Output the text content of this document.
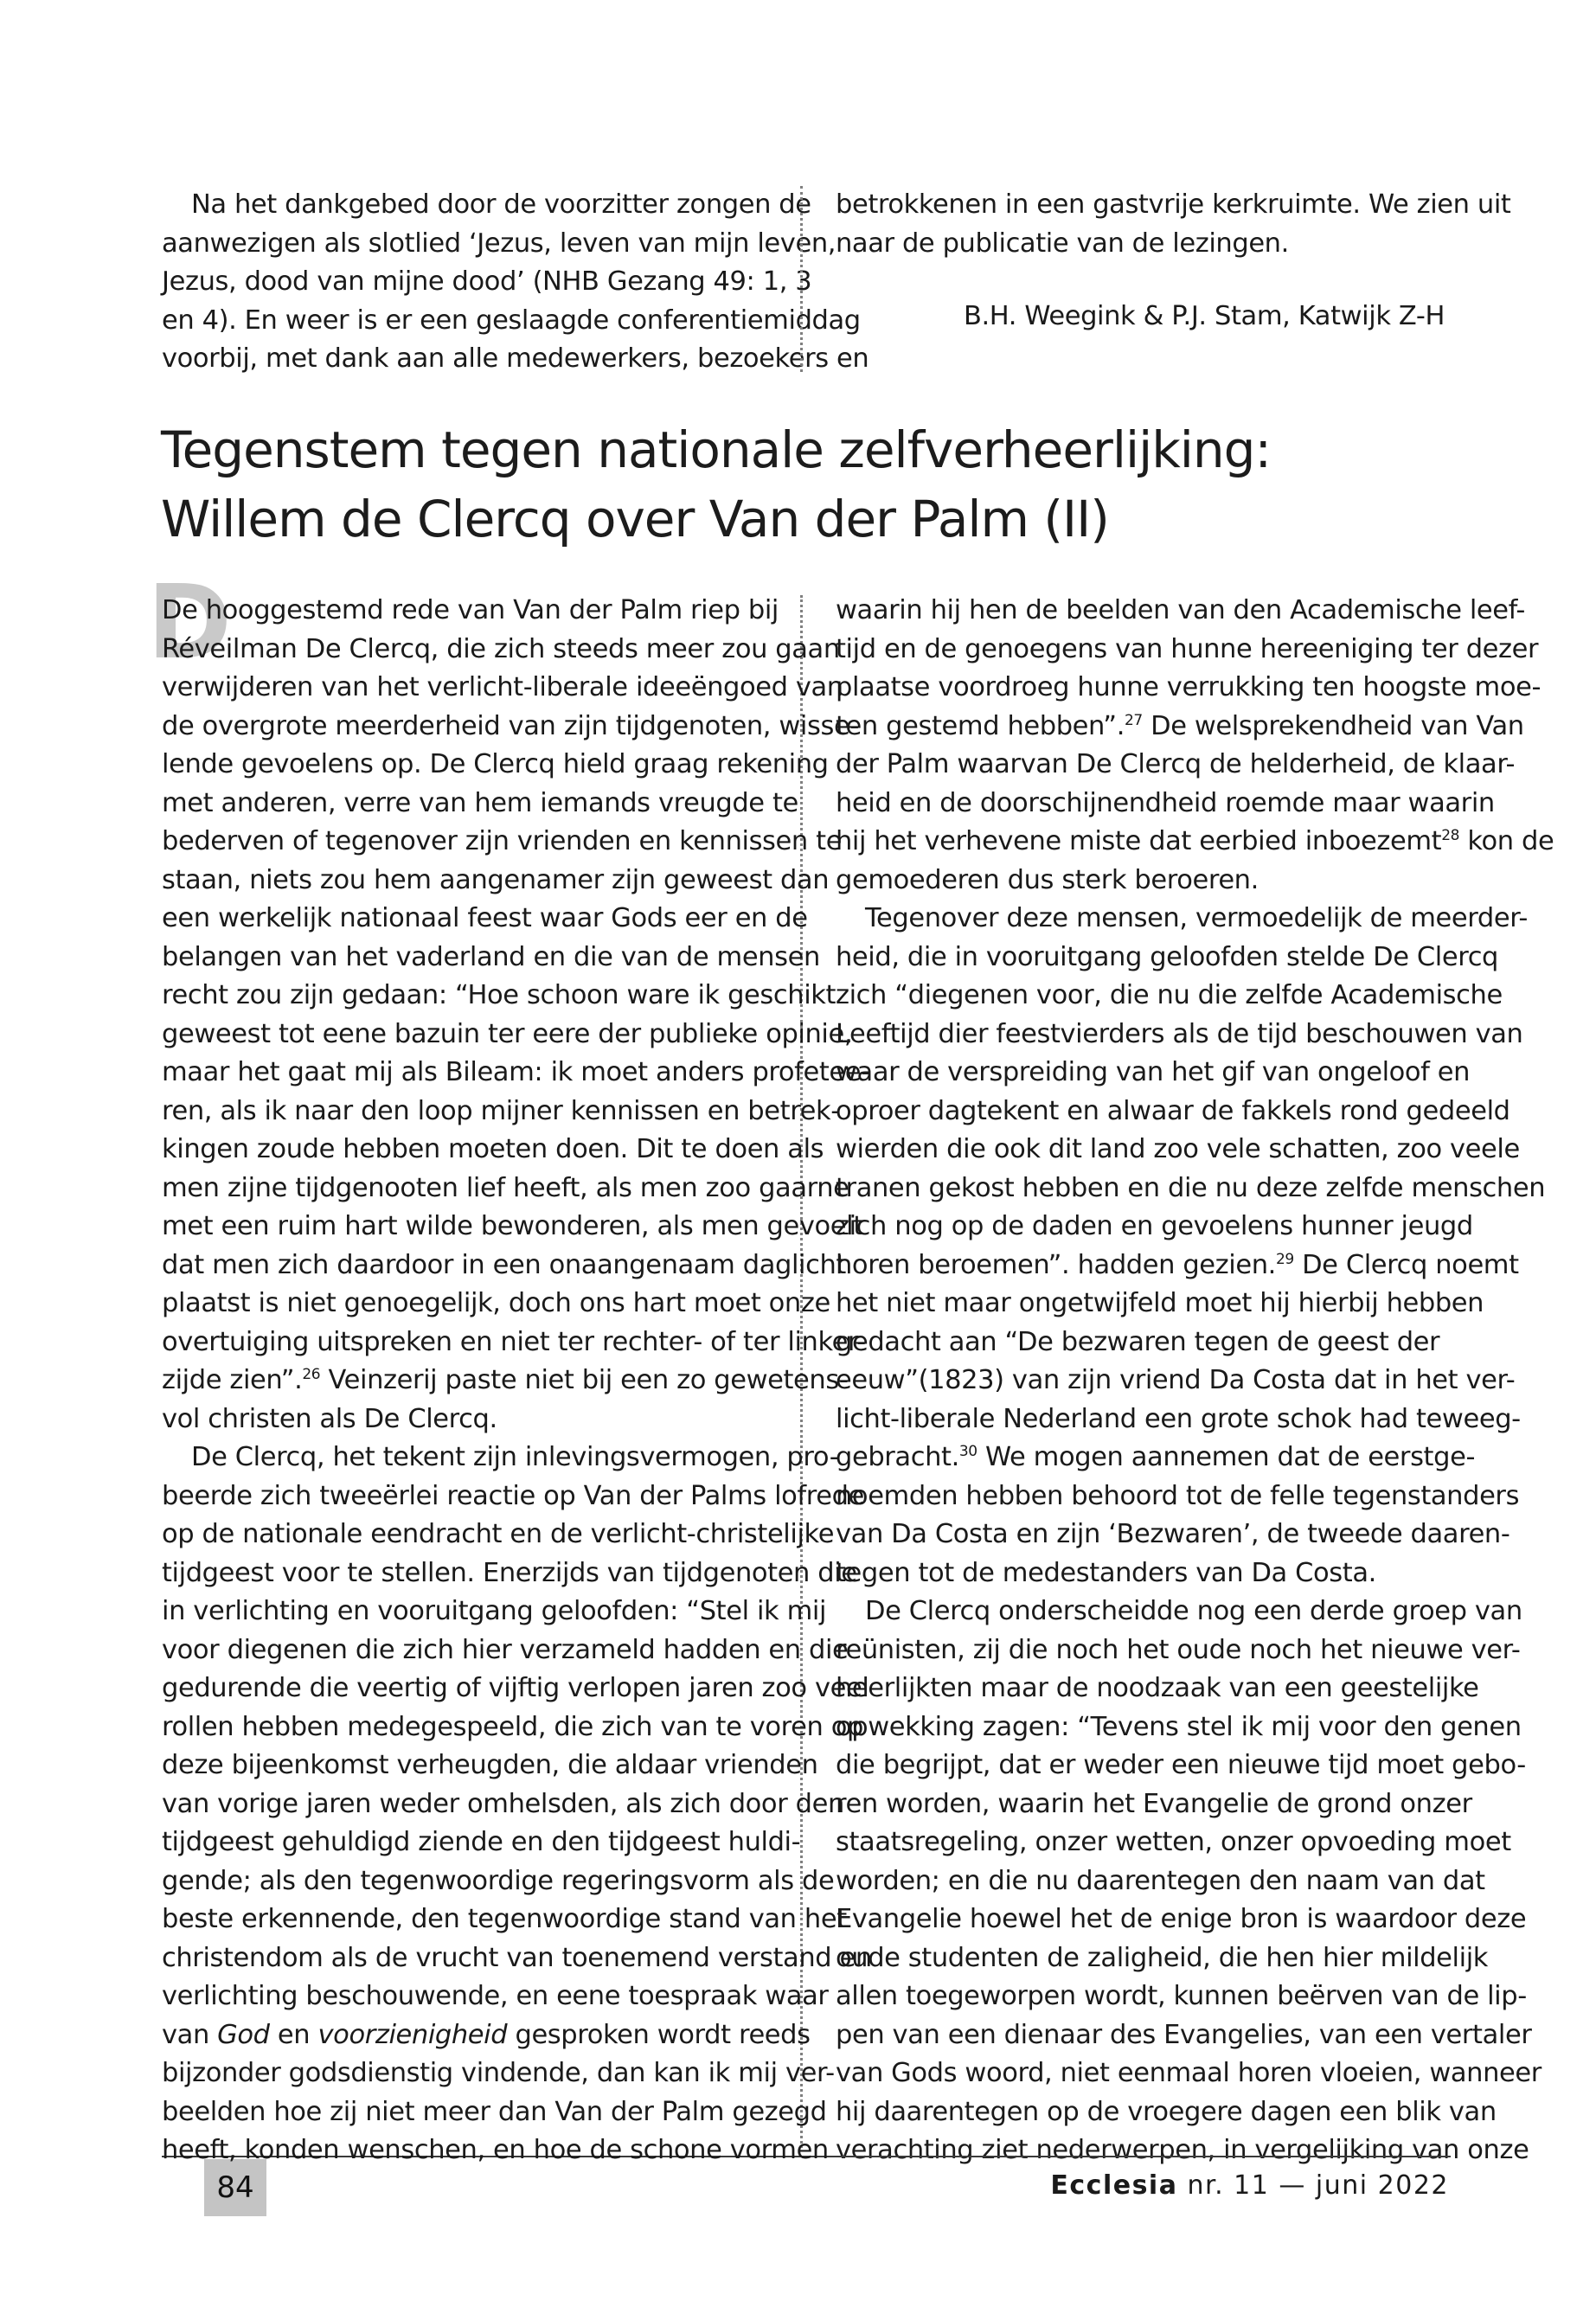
Na het dankgebed door de voorzitter zongen de
aanwezigen als slotlied ‘Jezus, leven van mijn leven,
Jezus, dood van mijne dood’ (NHB Gezang 49: 1, 3
en 4). En weer is er een geslaagde conferentiemiddag
voorbij, met dank aan alle medewerkers, bezoekers en
betrokkenen in een gastvrije kerkruimte. We zien uit
naar de publicatie van de lezingen.
B.H. Weegink & P.J. Stam, Katwijk Z-H
Tegenstem tegen nationale zelfverheerlijking:
Willem de Clercq over Van der Palm (II)
D
De hooggestemd rede van Van der Palm riep bij
Réveilman De Clercq, die zich steeds meer zou gaan
verwijderen van het verlicht-liberale ideeëngoed van
de overgrote meerderheid van zijn tijdgenoten, wisse-
lende gevoelens op. De Clercq hield graag rekening
met anderen, verre van hem iemands vreugde te
bederven of tegenover zijn vrienden en kennissen te
staan, niets zou hem aangenamer zijn geweest dan
een werkelijk nationaal feest waar Gods eer en de
belangen van het vaderland en die van de mensen
recht zou zijn gedaan: “Hoe schoon ware ik geschikt
geweest tot eene bazuin ter eere der publieke opinie,
maar het gaat mij als Bileam: ik moet anders profetee-
ren, als ik naar den loop mijner kennissen en betrek-
kingen zoude hebben moeten doen. Dit te doen als
men zijne tijdgenooten lief heeft, als men zoo gaarne
met een ruim hart wilde bewonderen, als men gevoelt
dat men zich daardoor in een onaangenaam daglicht
plaatst is niet genoegelijk, doch ons hart moet onze
overtuiging uitspreken en niet ter rechter- of ter linker-
zijde zien”.$^{26}$ Veinzerij paste niet bij een zo gewetens-
vol christen als De Clercq.
De Clercq, het tekent zijn inlevingsvermogen, pro-
beerde zich tweeërlei reactie op Van der Palms lofrede
op de nationale eendracht en de verlicht-christelijke
tijdgeest voor te stellen. Enerzijds van tijdgenoten die
in verlichting en vooruitgang geloofden: “Stel ik mij
voor diegenen die zich hier verzameld hadden en die
gedurende die veertig of vijftig verlopen jaren zoo veel
rollen hebben medegespeeld, die zich van te voren op
deze bijeenkomst verheugden, die aldaar vrienden
van vorige jaren weder omhelsden, als zich door den
tijdgeest gehuldigd ziende en den tijdgeest huldi-
gende; als den tegenwoordige regeringsvorm als de
beste erkennende, den tegenwoordige stand van het
christendom als de vrucht van toenemend verstand en
verlichting beschouwende, en eene toespraak waar
van God en voorzienigheid gesproken wordt reeds
bijzonder godsdienstig vindende, dan kan ik mij ver-
beelden hoe zij niet meer dan Van der Palm gezegd
heeft, konden wenschen, en hoe de schone vormen
waarin hij hen de beelden van den Academische leef-
tijd en de genoegens van hunne hereeniging ter dezer
plaatse voordroeg hunne verrukking ten hoogste moe-
ten gestemd hebben”.$^{27}$ De welsprekendheid van Van
der Palm waarvan De Clercq de helderheid, de klaar-
heid en de doorschijnendheid roemde maar waarin
hij het verhevene miste dat eerbied inboezemt$^{28}$ kon de
gemoederen dus sterk beroeren.
Tegenover deze mensen, vermoedelijk de meerder-
heid, die in vooruitgang geloofden stelde De Clercq
zich “diegenen voor, die nu die zelfde Academische
Leeftijd dier feestvierders als de tijd beschouwen van
waar de verspreiding van het gif van ongeloof en
oproer dagtekent en alwaar de fakkels rond gedeeld
wierden die ook dit land zoo vele schatten, zoo veele
tranen gekost hebben en die nu deze zelfde menschen
zich nog op de daden en gevoelens hunner jeugd
horen beroemen”. hadden gezien.$^{29}$ De Clercq noemt
het niet maar ongetwijfeld moet hij hierbij hebben
gedacht aan “De bezwaren tegen de geest der
eeuw”(1823) van zijn vriend Da Costa dat in het ver-
licht-liberale Nederland een grote schok had teweeg-
gebracht.$^{30}$ We mogen aannemen dat de eerstge-
noemden hebben behoord tot de felle tegenstanders
van Da Costa en zijn ‘Bezwaren’, de tweede daaren-
tegen tot de medestanders van Da Costa.
De Clercq onderscheidde nog een derde groep van
reünisten, zij die noch het oude noch het nieuwe ver-
heerlijkten maar de noodzaak van een geestelijke
opwekking zagen: “Tevens stel ik mij voor den genen
die begrijpt, dat er weder een nieuwe tijd moet gebo-
ren worden, waarin het Evangelie de grond onzer
staatsregeling, onzer wetten, onzer opvoeding moet
worden; en die nu daarentegen den naam van dat
Evangelie hoewel het de enige bron is waardoor deze
oude studenten de zaligheid, die hen hier mildelijk
allen toegeworpen wordt, kunnen beërven van de lip-
pen van een dienaar des Evangelies, van een vertaler
van Gods woord, niet eenmaal horen vloeien, wanneer
hij daarentegen op de vroegere dagen een blik van
verachting ziet nederwerpen, in vergelijking van onze
84	Ecclesia nr. 11 — juni 2022
